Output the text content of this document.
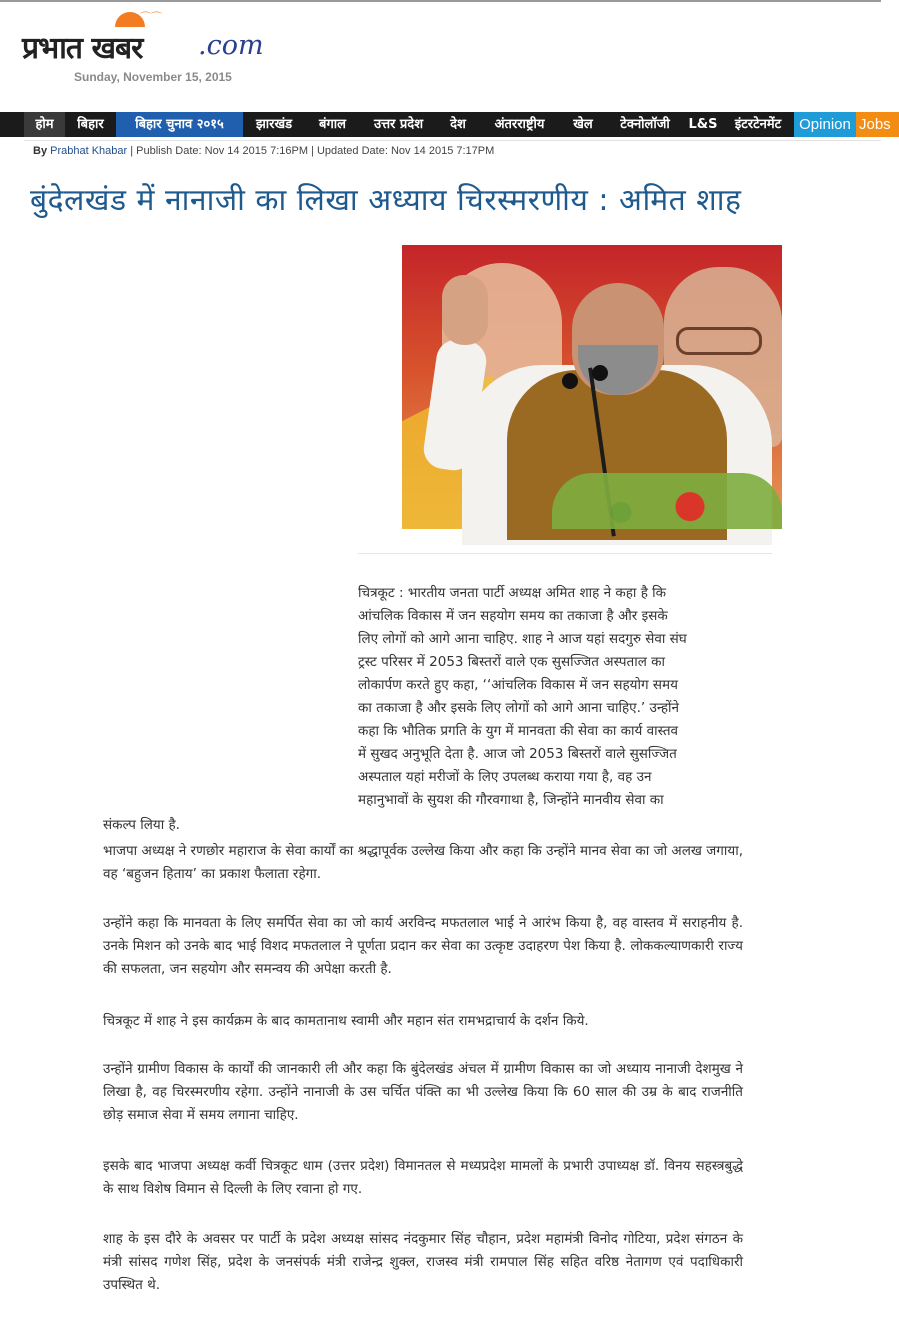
⌒⌒
प्रभात खबर .com
Sunday, November 15, 2015
होम	बिहार	बिहार चुनाव २०१५	झारखंड	बंगाल	उत्तर प्रदेश	देश	अंतरराष्ट्रीय	खेल	टेक्नोलॉजी	L&S	इंटरटेनमेंट	Opinion Jobs
By Prabhat Khabar | Publish Date: Nov 14 2015 7:16PM | Updated Date: Nov 14 2015 7:17PM
बुंदेलखंड में नानाजी का लिखा अध्याय चिरस्मरणीय : अमित शाह
चित्रकूट : भारतीय जनता पार्टी अध्यक्ष अमित शाह ने कहा है कि
आंचलिक विकास में जन सहयोग समय का तकाजा है और इसके
लिए लोगों को आगे आना चाहिए. शाह ने आज यहां सदगुरु सेवा संघ
ट्रस्ट परिसर में 2053 बिस्तरों वाले एक सुसज्जित अस्पताल का
लोकार्पण करते हुए कहा, ‘‘आंचलिक विकास में जन सहयोग समय
का तकाजा है और इसके लिए लोगों को आगे आना चाहिए.’ उन्होंने
कहा कि भौतिक प्रगति के युग में मानवता की सेवा का कार्य वास्तव
में सुखद अनुभूति देता है. आज जो 2053 बिस्तरों वाले सुसज्जित
अस्पताल यहां मरीजों के लिए उपलब्ध कराया गया है, वह उन
महानुभावों के सुयश की गौरवगाथा है, जिन्होंने मानवीय सेवा का
संकल्प लिया है.

भाजपा अध्यक्ष ने रणछोर महाराज के सेवा कार्यों का श्रद्धापूर्वक उल्लेख किया और कहा कि उन्होंने मानव सेवा का जो अलख जगाया, वह ‘बहुजन हिताय’ का प्रकाश फैलाता रहेगा.

उन्होंने कहा कि मानवता के लिए समर्पित सेवा का जो कार्य अरविन्द मफतलाल भाई ने आरंभ किया है, वह वास्तव में सराहनीय है. उनके मिशन को उनके बाद भाई विशद मफतलाल ने पूर्णता प्रदान कर सेवा का उत्कृष्ट उदाहरण पेश किया है. लोककल्याणकारी राज्य की सफलता, जन सहयोग और समन्वय की अपेक्षा करती है.

चित्रकूट में शाह ने इस कार्यक्रम के बाद कामतानाथ स्वामी और महान संत रामभद्राचार्य के दर्शन किये.

उन्होंने ग्रामीण विकास के कार्यों की जानकारी ली और कहा कि बुंदेलखंड अंचल में ग्रामीण विकास का जो अध्याय नानाजी देशमुख ने लिखा है, वह चिरस्मरणीय रहेगा. उन्होंने नानाजी के उस चर्चित पंक्ति का भी उल्लेख किया कि 60 साल की उम्र के बाद राजनीति छोड़ समाज सेवा में समय लगाना चाहिए.

इसके बाद भाजपा अध्यक्ष कर्वी चित्रकूट धाम (उत्तर प्रदेश) विमानतल से मध्यप्रदेश मामलों के प्रभारी उपाध्यक्ष डॉ. विनय सहस्त्रबुद्धे के साथ विशेष विमान से दिल्ली के लिए रवाना हो गए.

शाह के इस दौरे के अवसर पर पार्टी के प्रदेश अध्यक्ष सांसद नंदकुमार सिंह चौहान, प्रदेश महामंत्री विनोद गोटिया, प्रदेश संगठन के मंत्री सांसद गणेश सिंह, प्रदेश के जनसंपर्क मंत्री राजेन्द्र शुक्ल, राजस्व मंत्री रामपाल सिंह सहित वरिष्ठ नेतागण एवं पदाधिकारी उपस्थित थे.
